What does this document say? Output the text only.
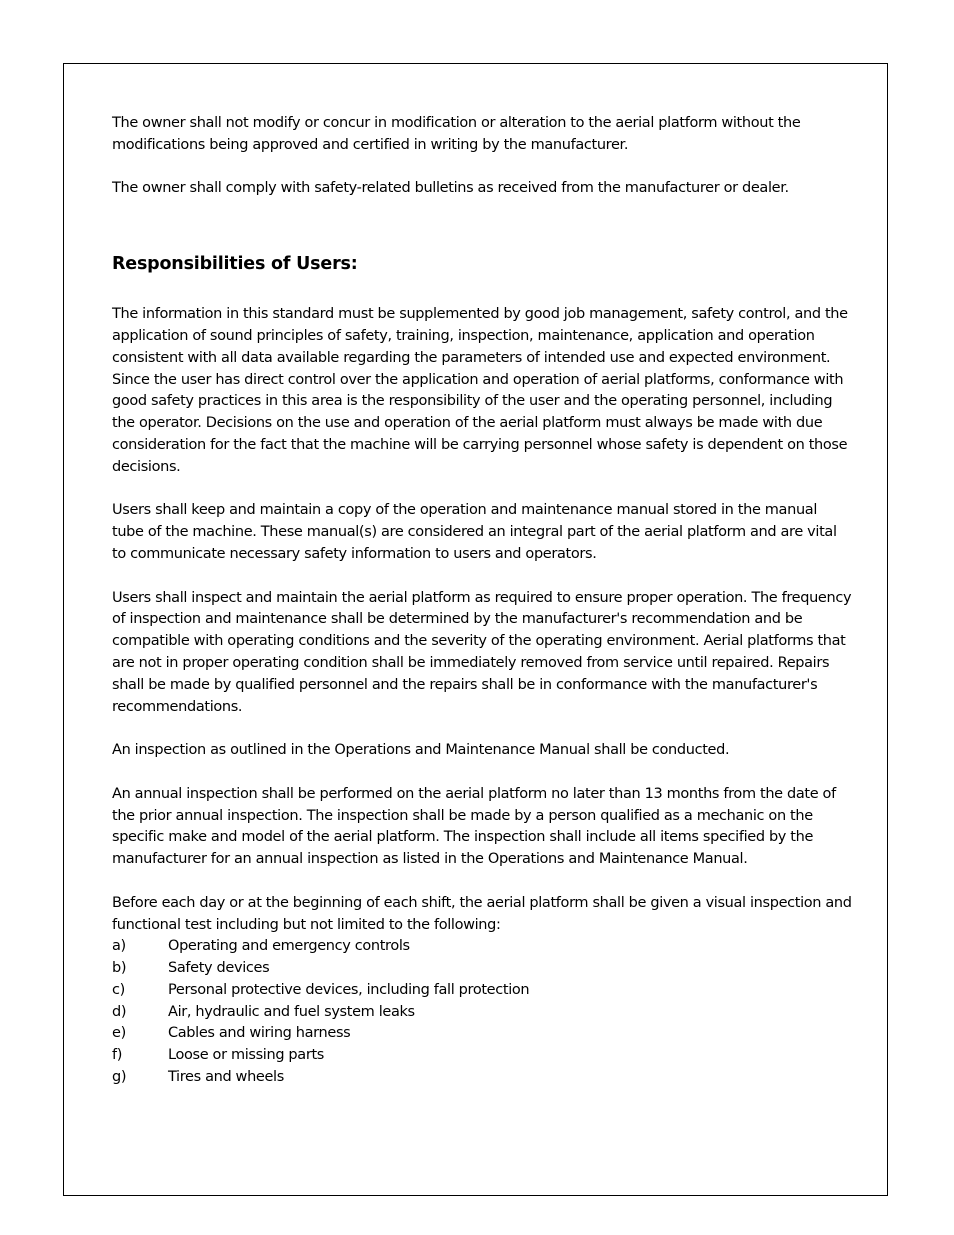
The owner shall not modify or concur in modification or alteration to the aerial platform without the modifications being approved and certified in writing by the manufacturer.

The owner shall comply with safety-related bulletins as received from the manufacturer or dealer.

Responsibilities of Users:

The information in this standard must be supplemented by good job management, safety control, and the application of sound principles of safety, training, inspection, maintenance, application and operation consistent with all data available regarding the parameters of intended use and expected environment. Since the user has direct control over the application and operation of aerial platforms, conformance with good safety practices in this area is the responsibility of the user and the operating personnel, including the operator. Decisions on the use and operation of the aerial platform must always be made with due consideration for the fact that the machine will be carrying personnel whose safety is dependent on those decisions.

Users shall keep and maintain a copy of the operation and maintenance manual stored in the manual tube of the machine. These manual(s) are considered an integral part of the aerial platform and are vital to communicate necessary safety information to users and operators.

Users shall inspect and maintain the aerial platform as required to ensure proper operation. The frequency of inspection and maintenance shall be determined by the manufacturer's recommendation and be compatible with operating conditions and the severity of the operating environment. Aerial platforms that are not in proper operating condition shall be immediately removed from service until repaired. Repairs shall be made by qualified personnel and the repairs shall be in conformance with the manufacturer's recommendations.

An inspection as outlined in the Operations and Maintenance Manual shall be conducted.

An annual inspection shall be performed on the aerial platform no later than 13 months from the date of the prior annual inspection. The inspection shall be made by a person qualified as a mechanic on the specific make and model of the aerial platform. The inspection shall include all items specified by the manufacturer for an annual inspection as listed in the Operations and Maintenance Manual.

Before each day or at the beginning of each shift, the aerial platform shall be given a visual inspection and functional test including but not limited to the following:

a)	Operating and emergency controls
b)	Safety devices
c)	Personal protective devices, including fall protection
d)	Air, hydraulic and fuel system leaks
e)	Cables and wiring harness
f)	Loose or missing parts
g)	Tires and wheels
